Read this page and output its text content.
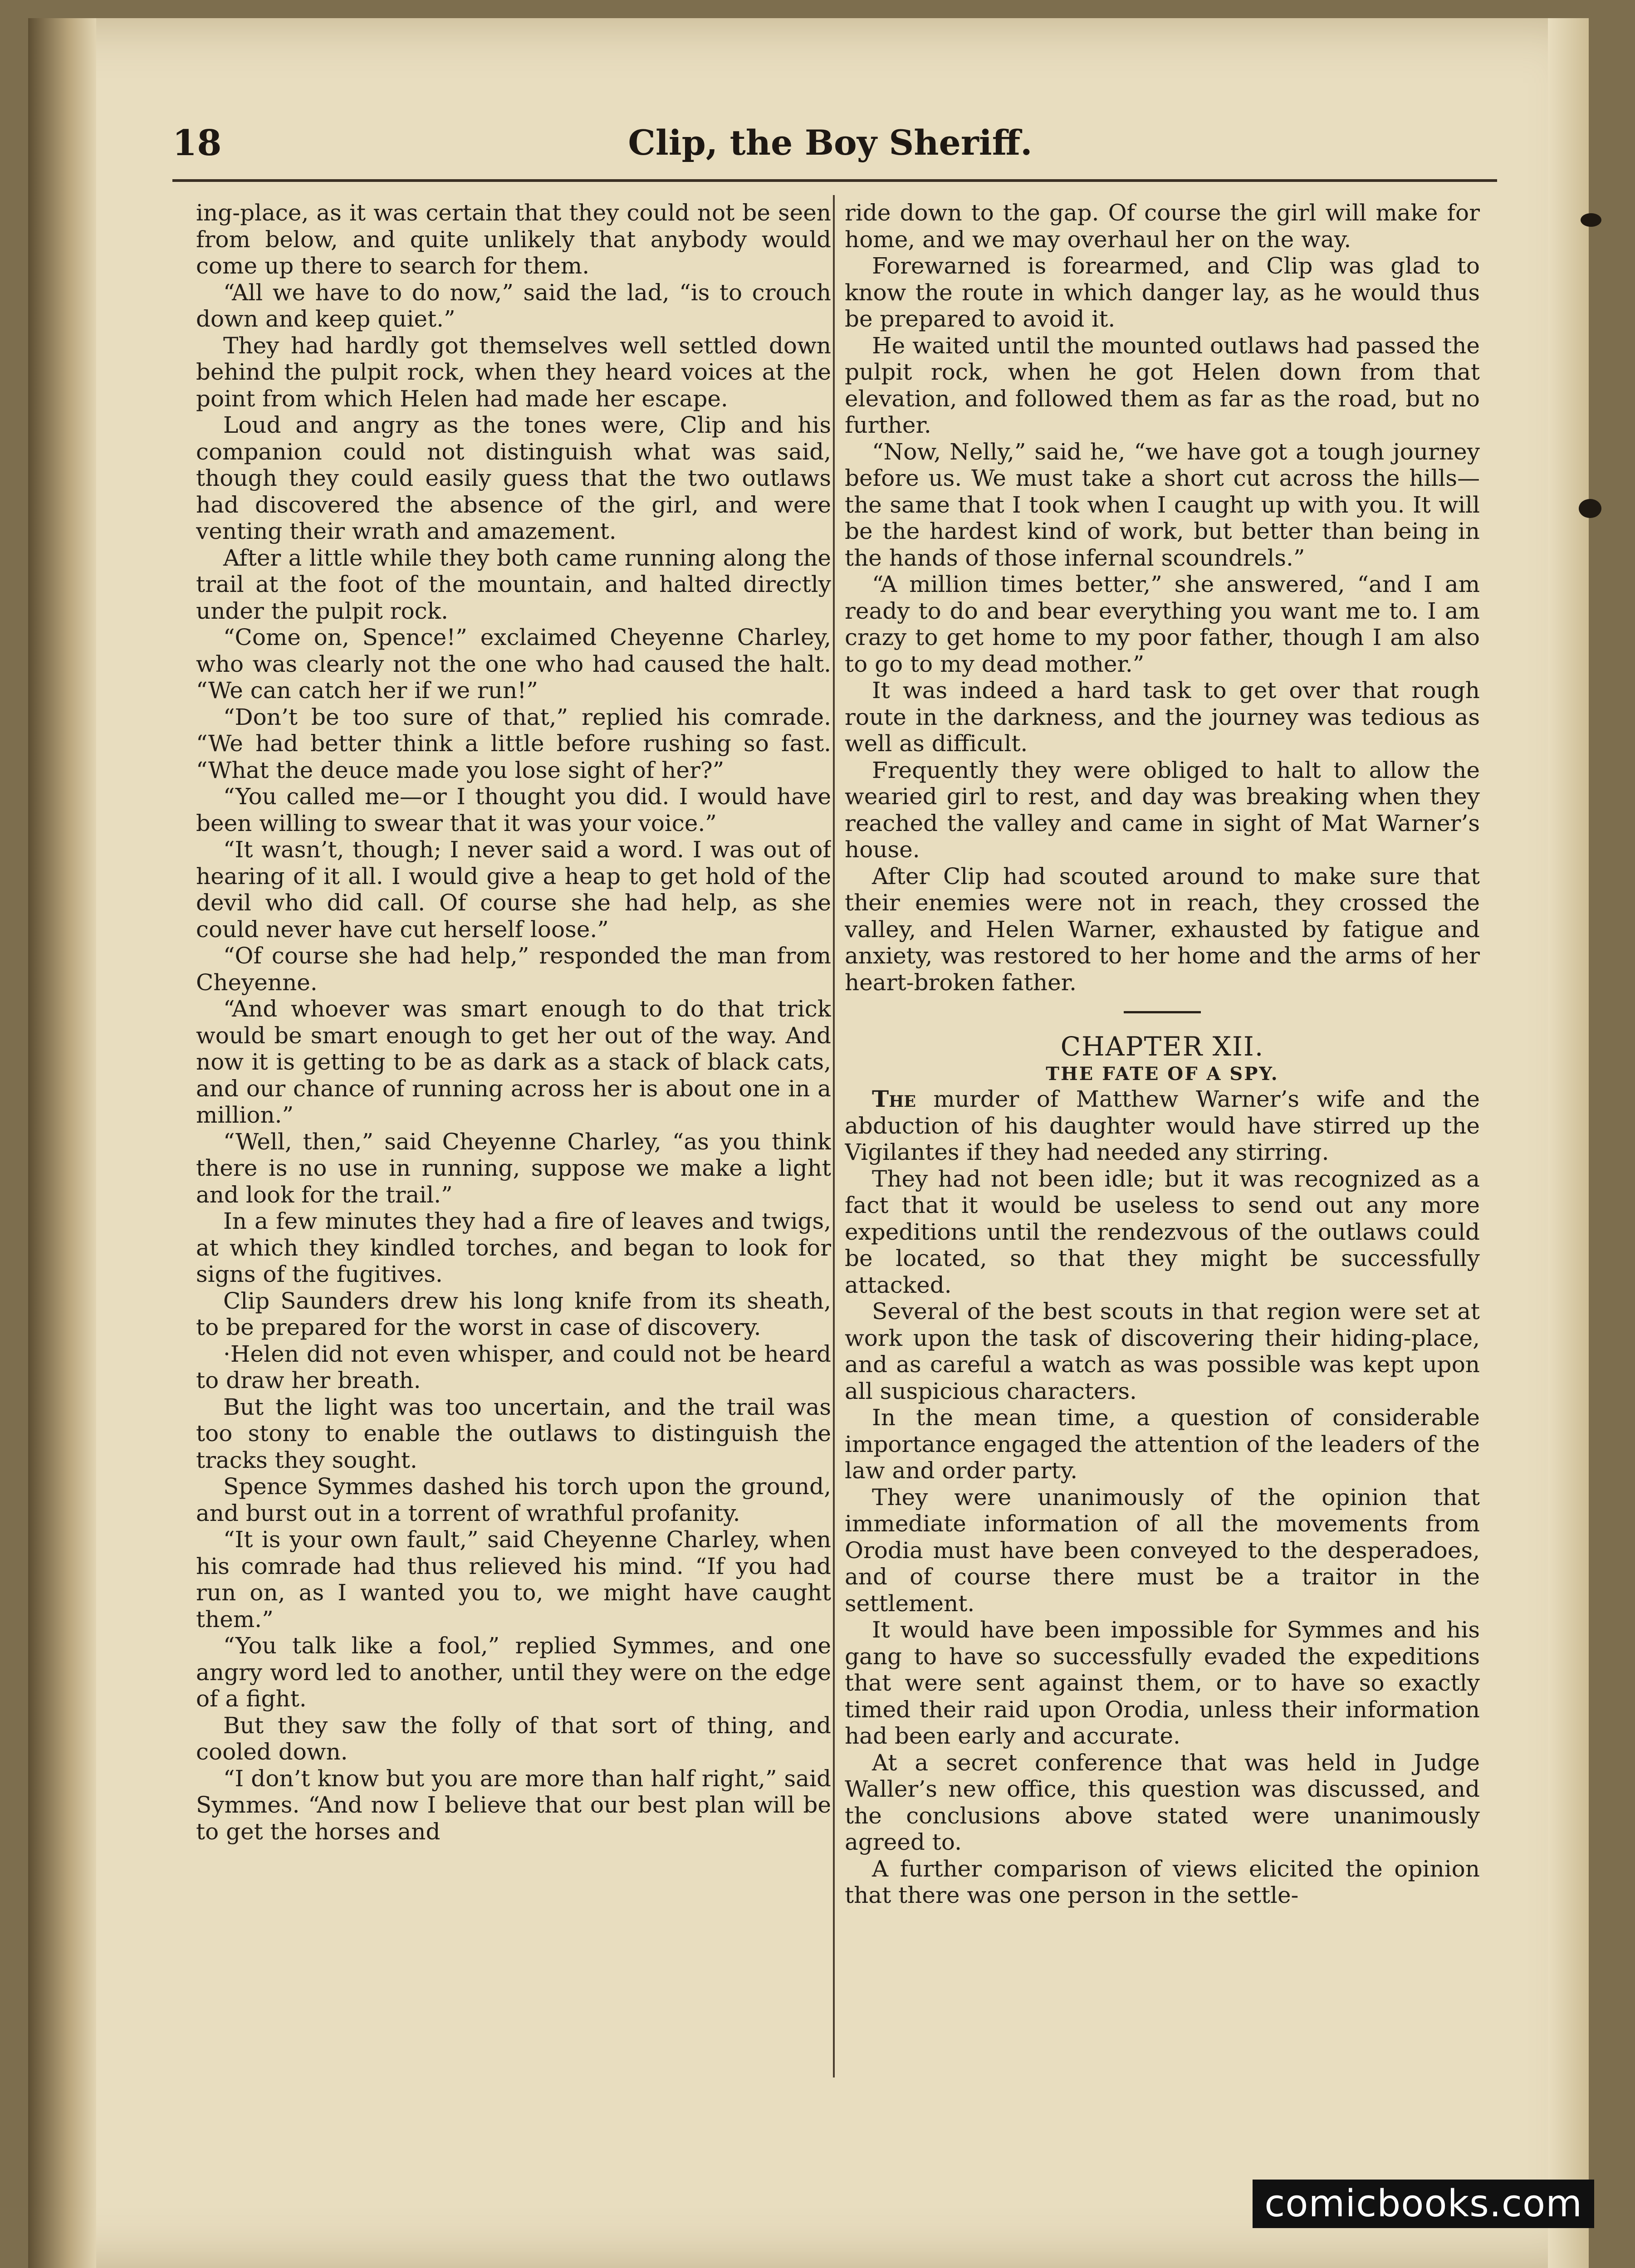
18	Clip, the Boy Sheriff.

ing-place, as it was certain that they could not be seen from below, and quite unlikely that anybody would come up there to search for them.

“All we have to do now,” said the lad, “is to crouch down and keep quiet.”

They had hardly got themselves well settled down behind the pulpit rock, when they heard voices at the point from which Helen had made her escape.

Loud and angry as the tones were, Clip and his companion could not distinguish what was said, though they could easily guess that the two outlaws had discovered the absence of the girl, and were venting their wrath and amazement.

After a little while they both came running along the trail at the foot of the mountain, and halted directly under the pulpit rock.

“Come on, Spence!” exclaimed Cheyenne Charley, who was clearly not the one who had caused the halt. “We can catch her if we run!”

“Don’t be too sure of that,” replied his comrade. “We had better think a little before rushing so fast. “What the deuce made you lose sight of her?”

“You called me—or I thought you did. I would have been willing to swear that it was your voice.”

“It wasn’t, though; I never said a word. I was out of hearing of it all. I would give a heap to get hold of the devil who did call. Of course she had help, as she could never have cut herself loose.”

“Of course she had help,” responded the man from Cheyenne.

“And whoever was smart enough to do that trick would be smart enough to get her out of the way. And now it is getting to be as dark as a stack of black cats, and our chance of running across her is about one in a million.”

“Well, then,” said Cheyenne Charley, “as you think there is no use in running, suppose we make a light and look for the trail.”

In a few minutes they had a fire of leaves and twigs, at which they kindled torches, and began to look for signs of the fugitives.

Clip Saunders drew his long knife from its sheath, to be prepared for the worst in case of discovery.

·Helen did not even whisper, and could not be heard to draw her breath.

But the light was too uncertain, and the trail was too stony to enable the outlaws to distinguish the tracks they sought.

Spence Symmes dashed his torch upon the ground, and burst out in a torrent of wrathful profanity.

“It is your own fault,” said Cheyenne Charley, when his comrade had thus relieved his mind. “If you had run on, as I wanted you to, we might have caught them.”

“You talk like a fool,” replied Symmes, and one angry word led to another, until they were on the edge of a fight.

But they saw the folly of that sort of thing, and cooled down.

“I don’t know but you are more than half right,” said Symmes. “And now I believe that our best plan will be to get the horses and

ride down to the gap. Of course the girl will make for home, and we may overhaul her on the way.

Forewarned is forearmed, and Clip was glad to know the route in which danger lay, as he would thus be prepared to avoid it.

He waited until the mounted outlaws had passed the pulpit rock, when he got Helen down from that elevation, and followed them as far as the road, but no further.

“Now, Nelly,” said he, “we have got a tough journey before us. We must take a short cut across the hills—the same that I took when I caught up with you. It will be the hardest kind of work, but better than being in the hands of those infernal scoundrels.”

“A million times better,” she answered, “and I am ready to do and bear everything you want me to. I am crazy to get home to my poor father, though I am also to go to my dead mother.”

It was indeed a hard task to get over that rough route in the darkness, and the journey was tedious as well as difficult.

Frequently they were obliged to halt to allow the wearied girl to rest, and day was breaking when they reached the valley and came in sight of Mat Warner’s house.

After Clip had scouted around to make sure that their enemies were not in reach, they crossed the valley, and Helen Warner, exhausted by fatigue and anxiety, was restored to her home and the arms of her heart-broken father.

CHAPTER XII.

THE FATE OF A SPY.

The murder of Matthew Warner’s wife and the abduction of his daughter would have stirred up the Vigilantes if they had needed any stirring.

They had not been idle; but it was recognized as a fact that it would be useless to send out any more expeditions until the rendezvous of the outlaws could be located, so that they might be successfully attacked.

Several of the best scouts in that region were set at work upon the task of discovering their hiding-place, and as careful a watch as was possible was kept upon all suspicious characters.

In the mean time, a question of considerable importance engaged the attention of the leaders of the law and order party.

They were unanimously of the opinion that immediate information of all the movements from Orodia must have been conveyed to the desperadoes, and of course there must be a traitor in the settlement.

It would have been impossible for Symmes and his gang to have so successfully evaded the expeditions that were sent against them, or to have so exactly timed their raid upon Orodia, unless their information had been early and accurate.

At a secret conference that was held in Judge Waller’s new office, this question was discussed, and the conclusions above stated were unanimously agreed to.

A further comparison of views elicited the opinion that there was one person in the settle-

comicbooks.com
